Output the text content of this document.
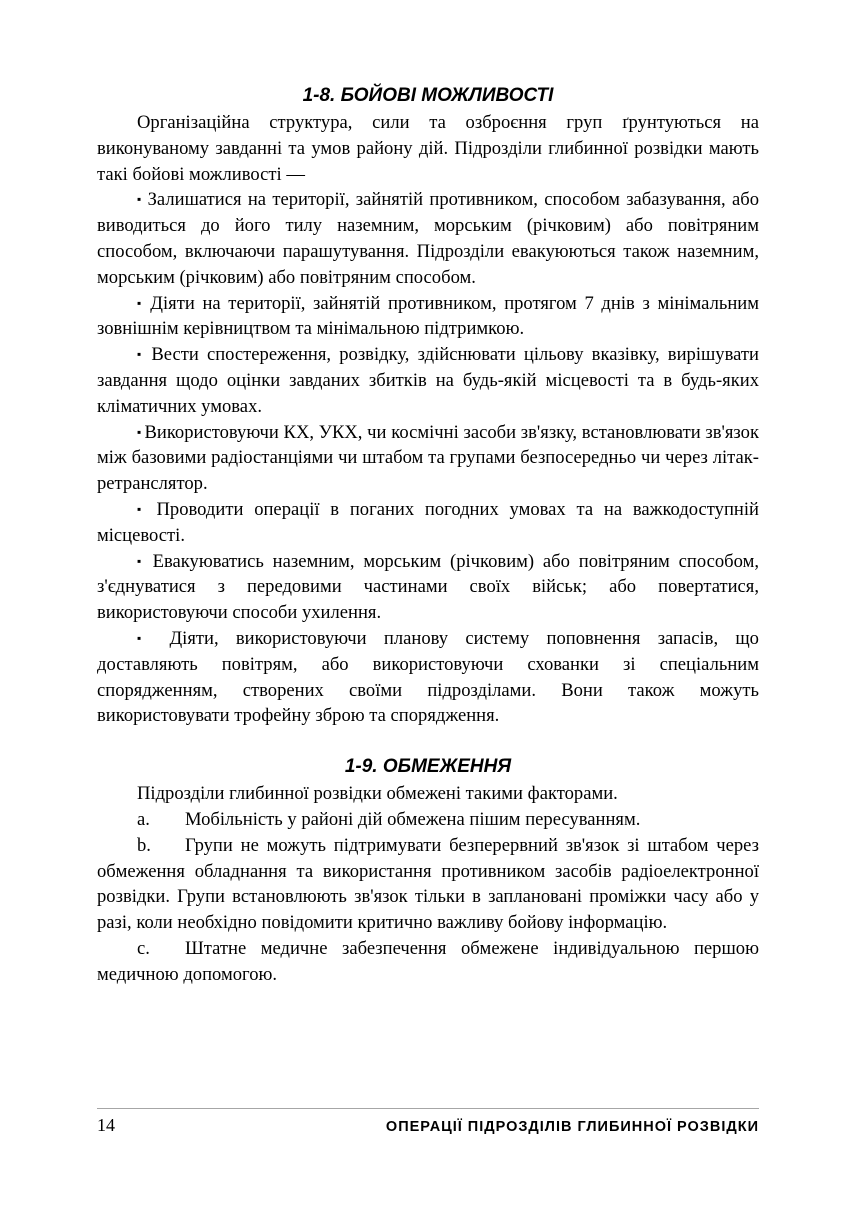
1-8. БОЙОВІ МОЖЛИВОСТІ

Організаційна структура, сили та озброєння груп ґрунтуються на виконуваному завданні та умов району дій. Підрозділи глибинної розвідки мають такі бойові можливості —

▪ Залишатися на території, зайнятій противником, способом забазування, або виводиться до його тилу наземним, морським (річковим) або повітряним способом, включаючи парашутування. Підрозділи евакуюються також наземним, морським (річковим) або повітряним способом.

▪ Діяти на території, зайнятій противником, протягом 7 днів з мінімальним зовнішнім керівництвом та мінімальною підтримкою.

▪ Вести спостереження, розвідку, здійснювати цільову вказівку, вирішувати завдання щодо оцінки завданих збитків на будь-якій місцевості та в будь-яких кліматичних умовах.

▪ Використовуючи КХ, УКХ, чи космічні засоби зв'язку, встановлювати зв'язок між базовими радіостанціями чи штабом та групами безпосередньо чи через літак-ретранслятор.

▪ Проводити операції в поганих погодних умовах та на важкодоступній місцевості.

▪ Евакуюватись наземним, морським (річковим) або повітряним способом, з'єднуватися з передовими частинами своїх військ; або повертатися, використовуючи способи ухилення.

▪ Діяти, використовуючи планову систему поповнення запасів, що доставляють повітрям, або використовуючи схованки зі спеціальним спорядженням, створених своїми підрозділами. Вони також можуть використовувати трофейну зброю та спорядження.

1-9. ОБМЕЖЕННЯ

Підрозділи глибинної розвідки обмежені такими факторами.

a. Мобільність у районі дій обмежена пішим пересуванням.

b. Групи не можуть підтримувати безперервний зв'язок зі штабом через обмеження обладнання та використання противником засобів радіоелектронної розвідки. Групи встановлюють зв'язок тільки в заплановані проміжки часу або у разі, коли необхідно повідомити критично важливу бойову інформацію.

c. Штатне медичне забезпечення обмежене індивідуальною першою медичною допомогою.

14	ОПЕРАЦІЇ ПІДРОЗДІЛІВ ГЛИБИННОЇ РОЗВІДКИ
